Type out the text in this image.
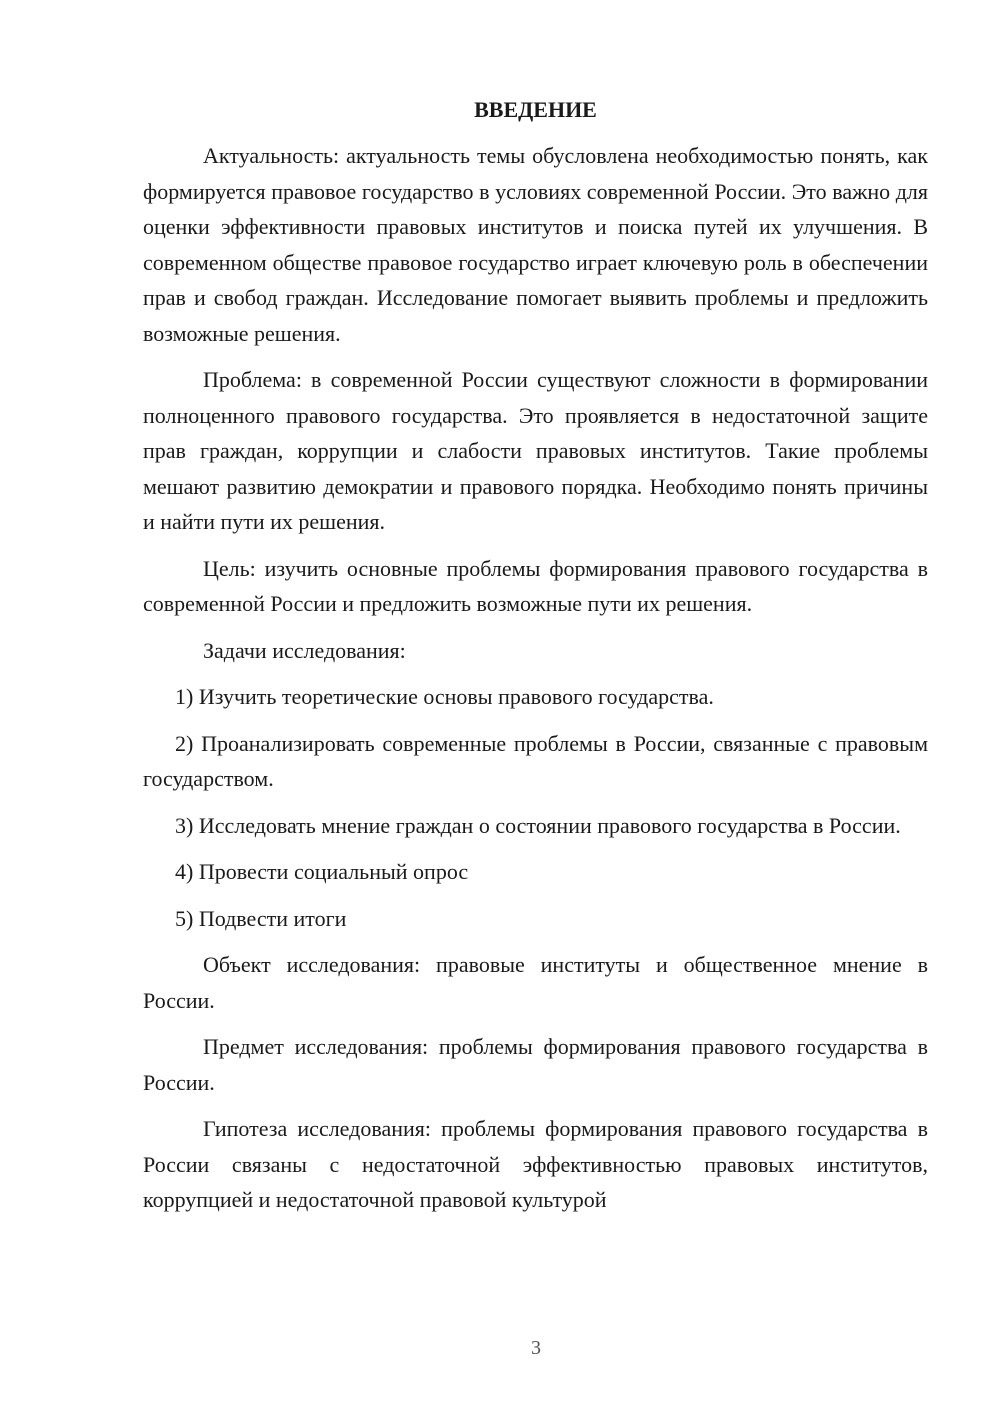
ВВЕДЕНИЕ

Актуальность: актуальность темы обусловлена необходимостью понять, как формируется правовое государство в условиях современной России. Это важно для оценки эффективности правовых институтов и поиска путей их улучшения. В современном обществе правовое государство играет ключевую роль в обеспечении прав и свобод граждан. Исследование помогает выявить проблемы и предложить возможные решения.

Проблема: в современной России существуют сложности в формировании полноценного правового государства. Это проявляется в недостаточной защите прав граждан, коррупции и слабости правовых институтов. Такие проблемы мешают развитию демократии и правового порядка. Необходимо понять причины и найти пути их решения.

Цель: изучить основные проблемы формирования правового государства в современной России и предложить возможные пути их решения.

Задачи исследования:

1) Изучить теоретические основы правового государства.

2) Проанализировать современные проблемы в России, связанные с правовым государством.

3) Исследовать мнение граждан о состоянии правового государства в России.

4) Провести социальный опрос

5) Подвести итоги

Объект исследования: правовые институты и общественное мнение в России.

Предмет исследования: проблемы формирования правового государства в России.

Гипотеза исследования: проблемы формирования правового государства в России связаны с недостаточной эффективностью правовых институтов, коррупцией и недостаточной правовой культурой

3
